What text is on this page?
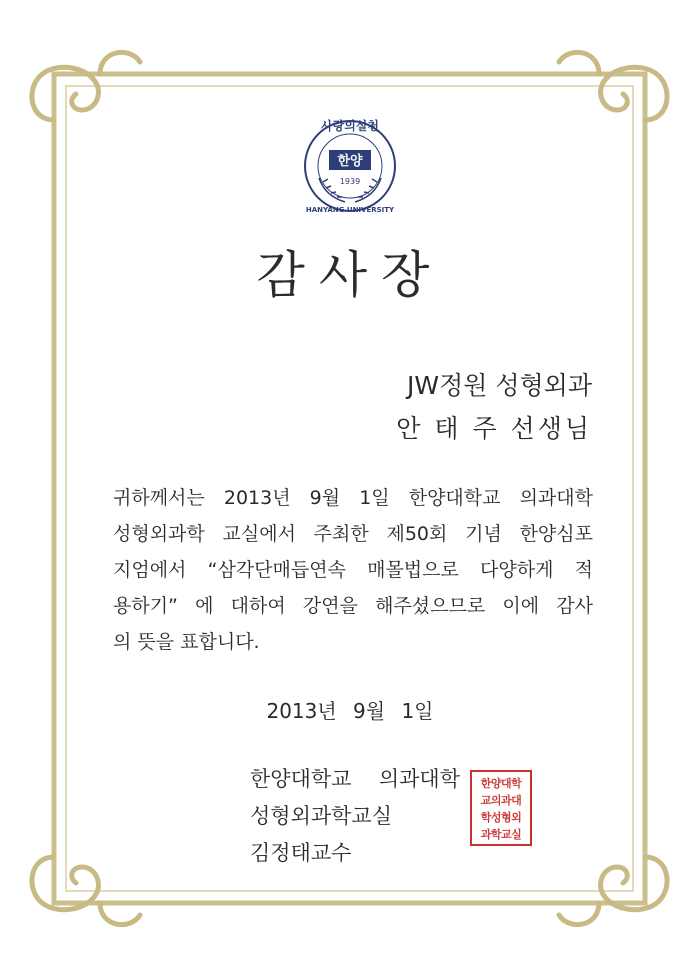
사랑의실천
한양
1939
HANYANG UNIVERSITY
감사장
JW정원 성형외과
안 태 주 선생님
귀하께서는 2013년 9월 1일 한양대학교 의과대학
성형외과학 교실에서 주최한 제50회 기념 한양심포
지엄에서 “삼각단매듭연속 매몰법으로 다양하게 적
용하기” 에 대하여 강연을 해주셨으므로 이에 감사
의 뜻을 표합니다.
2013년 9월 1일
한양대학교 의과대학
성형외과학교실
김정태교수
한양대학
교의과대
학성형외
과학교실
